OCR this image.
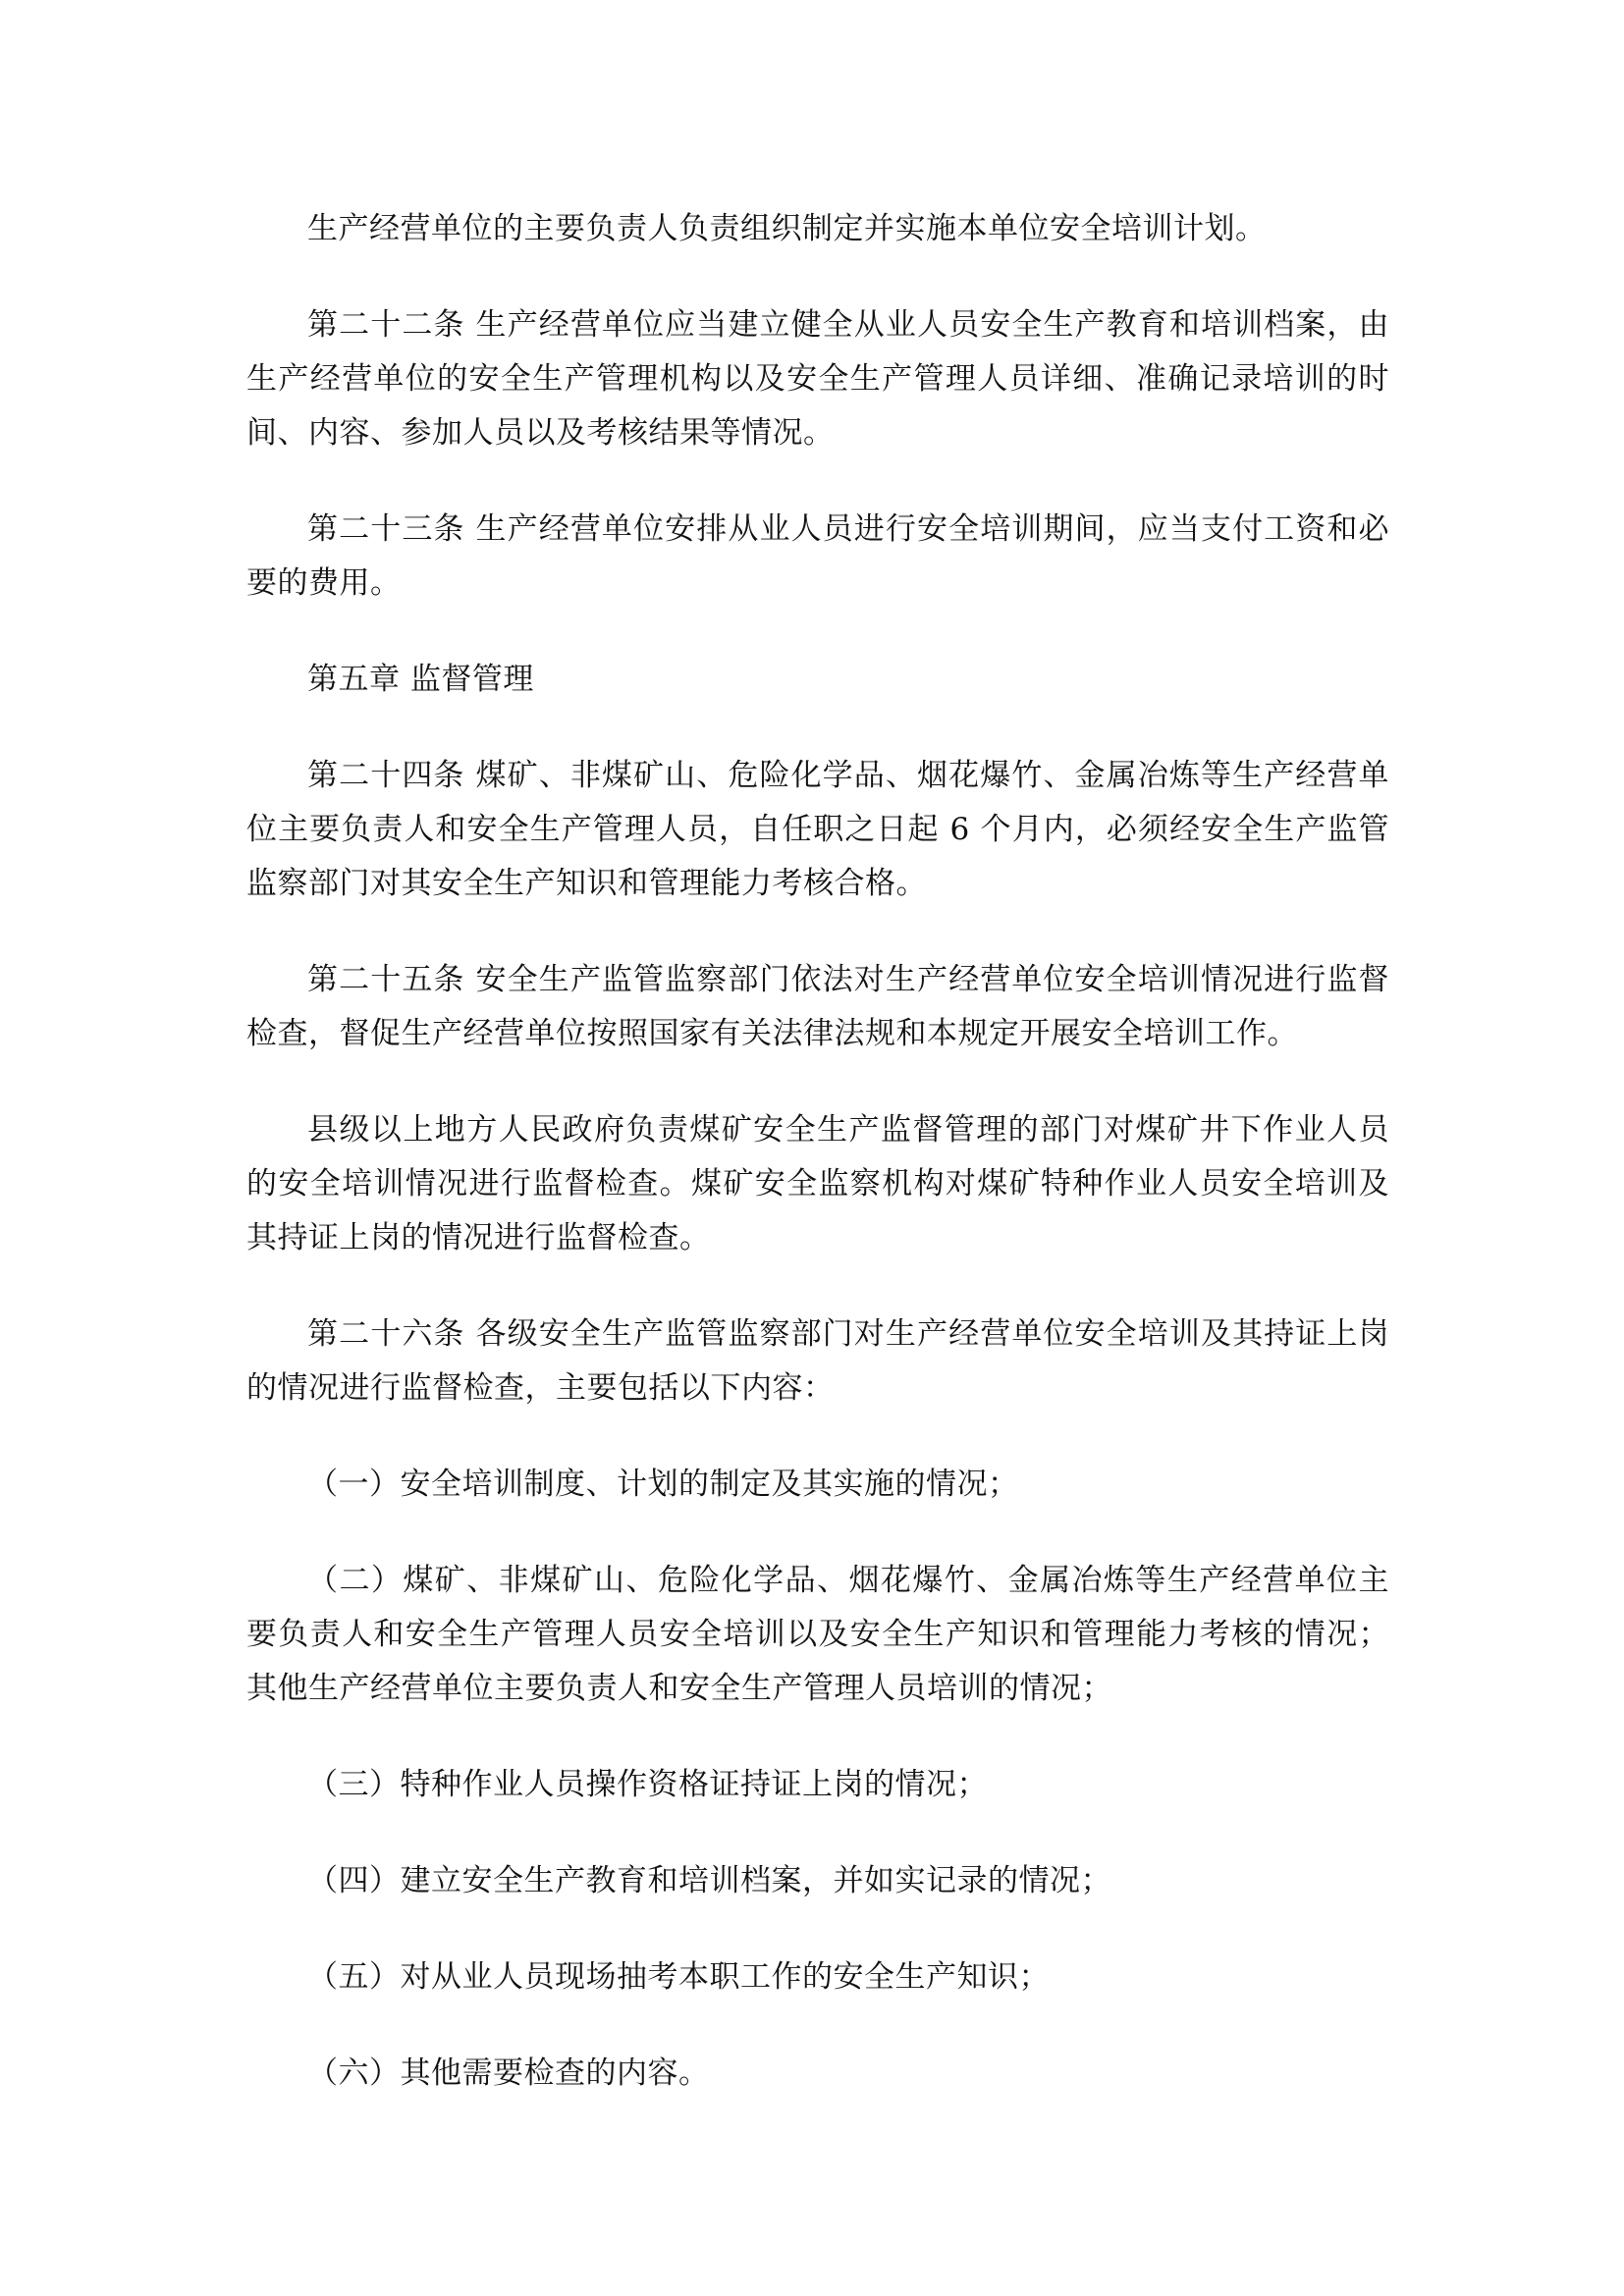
生产经营单位的主要负责人负责组织制定并实施本单位安全培训计划。

第二十二条 生产经营单位应当建立健全从业人员安全生产教育和培训档案，由生产经营单位的安全生产管理机构以及安全生产管理人员详细、准确记录培训的时间、内容、参加人员以及考核结果等情况。

第二十三条 生产经营单位安排从业人员进行安全培训期间，应当支付工资和必要的费用。

第五章 监督管理

第二十四条 煤矿、非煤矿山、危险化学品、烟花爆竹、金属冶炼等生产经营单位主要负责人和安全生产管理人员，自任职之日起 6 个月内，必须经安全生产监管监察部门对其安全生产知识和管理能力考核合格。

第二十五条 安全生产监管监察部门依法对生产经营单位安全培训情况进行监督检查，督促生产经营单位按照国家有关法律法规和本规定开展安全培训工作。

县级以上地方人民政府负责煤矿安全生产监督管理的部门对煤矿井下作业人员的安全培训情况进行监督检查。煤矿安全监察机构对煤矿特种作业人员安全培训及其持证上岗的情况进行监督检查。

第二十六条 各级安全生产监管监察部门对生产经营单位安全培训及其持证上岗的情况进行监督检查，主要包括以下内容：

（一）安全培训制度、计划的制定及其实施的情况；

（二）煤矿、非煤矿山、危险化学品、烟花爆竹、金属冶炼等生产经营单位主要负责人和安全生产管理人员安全培训以及安全生产知识和管理能力考核的情况；其他生产经营单位主要负责人和安全生产管理人员培训的情况；

（三）特种作业人员操作资格证持证上岗的情况；

（四）建立安全生产教育和培训档案，并如实记录的情况；

（五）对从业人员现场抽考本职工作的安全生产知识；

（六）其他需要检查的内容。
